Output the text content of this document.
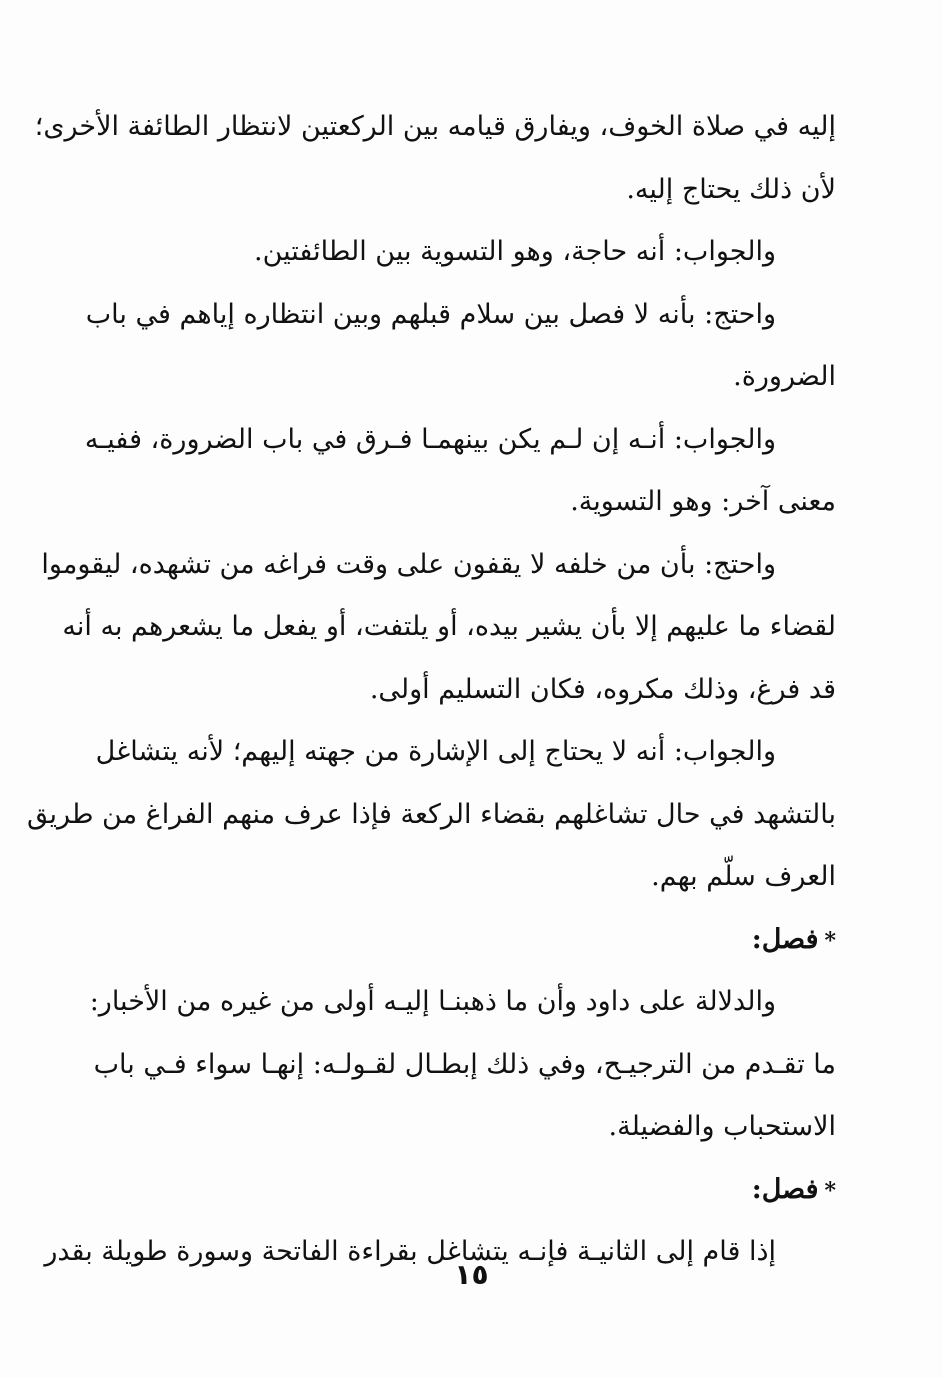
إليه في صلاة الخوف، ويفارق قيامه بين الركعتين لانتظار الطائفة الأخرى؛
لأن ذلك يحتاج إليه.
والجواب: أنه حاجة، وهو التسوية بين الطائفتين.
واحتج: بأنه لا فصل بين سلام قبلهم وبين انتظاره إياهم في باب
الضرورة.
والجواب: أنـه إن لـم يكن بينهمـا فـرق في باب الضرورة، ففيـه
معنى آخر: وهو التسوية.
واحتج: بأن من خلفه لا يقفون على وقت فراغه من تشهده، ليقوموا
لقضاء ما عليهم إلا بأن يشير بيده، أو يلتفت، أو يفعل ما يشعرهم به أنه
قد فرغ، وذلك مكروه، فكان التسليم أولى.
والجواب: أنه لا يحتاج إلى الإشارة من جهته إليهم؛ لأنه يتشاغل
بالتشهد في حال تشاغلهم بقضاء الركعة فإذا عرف منهم الفراغ من طريق
العرف سلّم بهم.
*فصل:
والدلالة على داود وأن ما ذهبنـا إليـه أولى من غيره من الأخبار:
ما تقـدم من الترجيـح، وفي ذلك إبطـال لقـولـه: إنهـا سواء فـي باب
الاستحباب والفضيلة.
*فصل:
إذا قام إلى الثانيـة فإنـه يتشاغل بقراءة الفاتحة وسورة طويلة بقدر
١٥
